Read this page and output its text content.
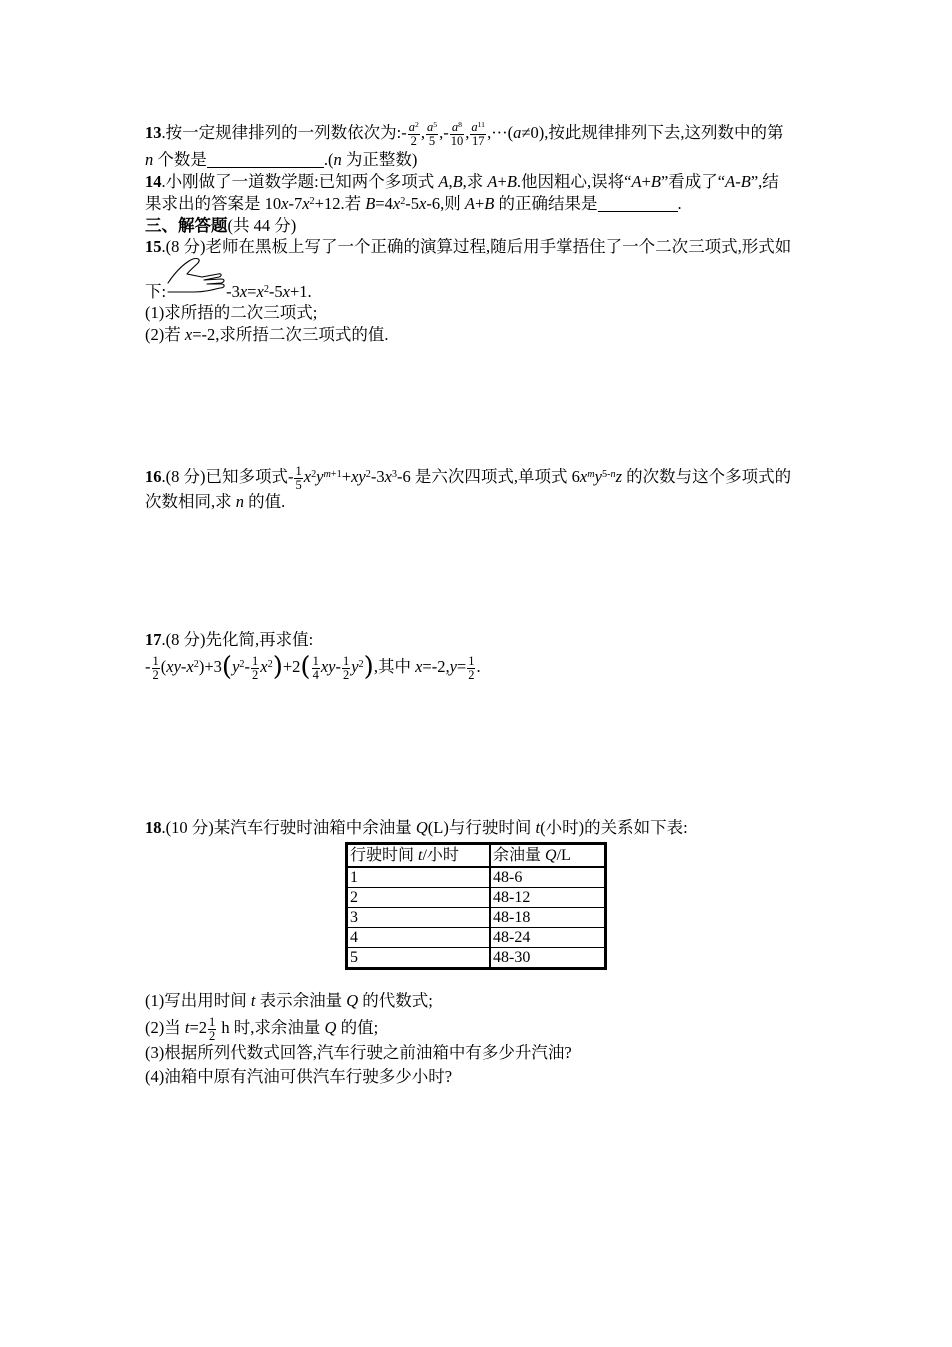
13.按一定规律排列的一列数依次为:- $\frac{a^2}{2}$ , $\frac{a^5}{5}$ ,- $\frac{a^8}{10}$ , $\frac{a^{11}}{17} ,\cdot\cdot\cdot(a\ne 0)$,按此规律排列下去,这列数中的第
n 个数是	.(n 为正整数)
14.小刚做了一道数学题:已知两个多项式 A,B,求 A+B.他因粗心,误将“A+B”看成了“A-B”,结
果求出的答案是 $10x-7x^2+12$.若 $B=4x^2-5x-6$,则 A+B 的正确结果是	.
三、解答题(共 44 分)
15.(8 分)老师在黑板上写了一个正确的演算过程,随后用手掌捂住了一个二次三项式,形式如
下:	$-3x=x^2-5x+1$.
(1)求所捂的二次三项式;
(2)若 x=-2,求所捂二次三项式的值.
16.(8 分)已知多项式- $\frac{1}{5} x^2y^{m+1}+xy^2-3x^3-6$ 是六次四项式,单项式 $6x^my^{5-n}z$ 的次数与这个多项式的
次数相同,求 n 的值.
17.(8 分)先化简,再求值:
- $\frac{1}{2} (xy-x^2)+3(y^2- \frac{1}{2} x^2)+2( \frac{1}{4} xy- \frac{1}{2} y^2)$,其中 $x=-2,y= \frac{1}{2}$ .
18.(10 分)某汽车行驶时油箱中余油量 Q(L)与行驶时间 t(小时)的关系如下表:
行驶时间 t/小时	余油量 Q/L
1	48-6
2	48-12
3	48-18
4	48-24
5	48-30
(1)写出用时间 t 表示余油量 Q 的代数式;
(2)当 $t=2 \frac{1}{2}$ h 时,求余油量 Q 的值;
(3)根据所列代数式回答,汽车行驶之前油箱中有多少升汽油?
(4)油箱中原有汽油可供汽车行驶多少小时?
